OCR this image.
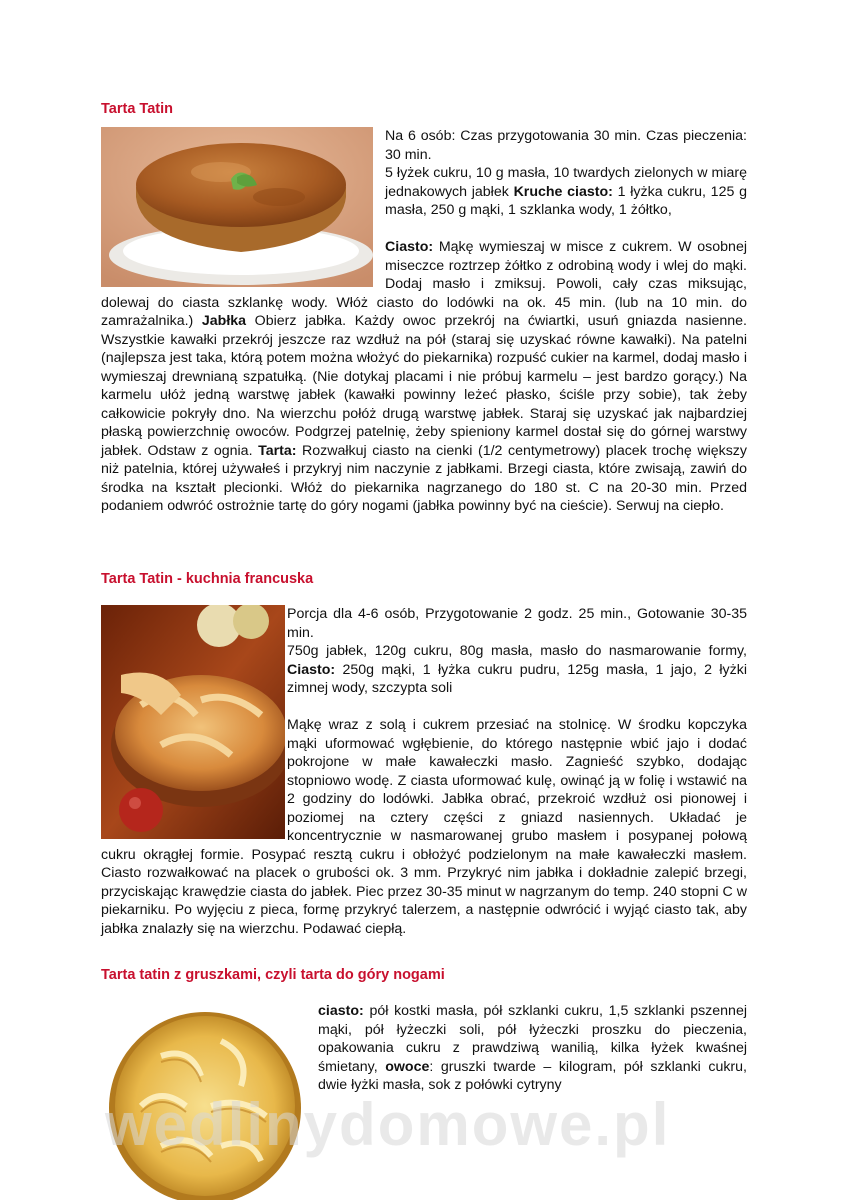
Tarta Tatin
Na 6 osób: Czas przygotowania 30 min. Czas pieczenia: 30 min.
5 łyżek cukru, 10 g masła, 10 twardych zielonych w miarę jednakowych jabłek Kruche ciasto: 1 łyżka cukru, 125 g masła, 250 g mąki, 1 szklanka wody, 1 żółtko,

Ciasto: Mąkę wymieszaj w misce z cukrem. W osobnej miseczce roztrzep żółtko z odrobiną wody i wlej do mąki. Dodaj masło i zmiksuj. Powoli, cały czas miksując, dolewaj do ciasta szklankę wody. Włóż ciasto do lodówki na ok. 45 min. (lub na 10 min. do zamrażalnika.) Jabłka Obierz jabłka. Każdy owoc przekrój na ćwiartki, usuń gniazda nasienne. Wszystkie kawałki przekrój jeszcze raz wzdłuż na pół (staraj się uzyskać równe kawałki). Na patelni (najlepsza jest taka, którą potem można włożyć do piekarnika) rozpuść cukier na karmel, dodaj masło i wymieszaj drewnianą szpatułką. (Nie dotykaj placami i nie próbuj karmelu – jest bardzo gorący.) Na karmelu ułóż jedną warstwę jabłek (kawałki powinny leżeć płasko, ściśle przy sobie), tak żeby całkowicie pokryły dno. Na wierzchu połóż drugą warstwę jabłek. Staraj się uzyskać jak najbardziej płaską powierzchnię owoców. Podgrzej patelnię, żeby spieniony karmel dostał się do górnej warstwy jabłek. Odstaw z ognia. Tarta: Rozwałkuj ciasto na cienki (1/2 centymetrowy) placek trochę większy niż patelnia, której używałeś i przykryj nim naczynie z jabłkami. Brzegi ciasta, które zwisają, zawiń do środka na kształt plecionki. Włóż do piekarnika nagrzanego do 180 st. C na 20-30 min. Przed podaniem odwróć ostrożnie tartę do góry nogami (jabłka powinny być na cieście). Serwuj na ciepło.
Tarta Tatin - kuchnia francuska
Porcja dla 4-6 osób, Przygotowanie 2 godz. 25 min., Gotowanie 30-35 min.
750g jabłek, 120g cukru, 80g masła, masło do nasmarowanie formy, Ciasto: 250g mąki, 1 łyżka cukru pudru, 125g masła, 1 jajo, 2 łyżki zimnej wody, szczypta soli

Mąkę wraz z solą i cukrem przesiać na stolnicę. W środku kopczyka mąki uformować wgłębienie, do którego następnie wbić jajo i dodać pokrojone w małe kawałeczki masło. Zagnieść szybko, dodając stopniowo wodę. Z ciasta uformować kulę, owinąć ją w folię i wstawić na 2 godziny do lodówki. Jabłka obrać, przekroić wzdłuż osi pionowej i poziomej na cztery części z gniazd nasiennych. Układać je koncentrycznie w nasmarowanej grubo masłem i posypanej połową cukru okrągłej formie. Posypać resztą cukru i obłożyć podzielonym na małe kawałeczki masłem. Ciasto rozwałkować na placek o grubości ok. 3 mm. Przykryć nim jabłka i dokładnie zalepić brzegi, przyciskając krawędzie ciasta do jabłek. Piec przez 30-35 minut w nagrzanym do temp. 240 stopni C w piekarniku. Po wyjęciu z pieca, formę przykryć talerzem, a następnie odwrócić i wyjąć ciasto tak, aby jabłka znalazły się na wierzchu. Podawać ciepłą.
Tarta tatin z gruszkami, czyli tarta do góry nogami
ciasto: pół kostki masła, pół szklanki cukru, 1,5 szklanki pszennej mąki, pół łyżeczki soli, pół łyżeczki proszku do pieczenia, opakowania cukru z prawdziwą wanilią, kilka łyżek kwaśnej śmietany, owoce: gruszki twarde – kilogram, pół szklanki cukru, dwie łyżki masła, sok z połówki cytryny
wedlinydomowe.pl
